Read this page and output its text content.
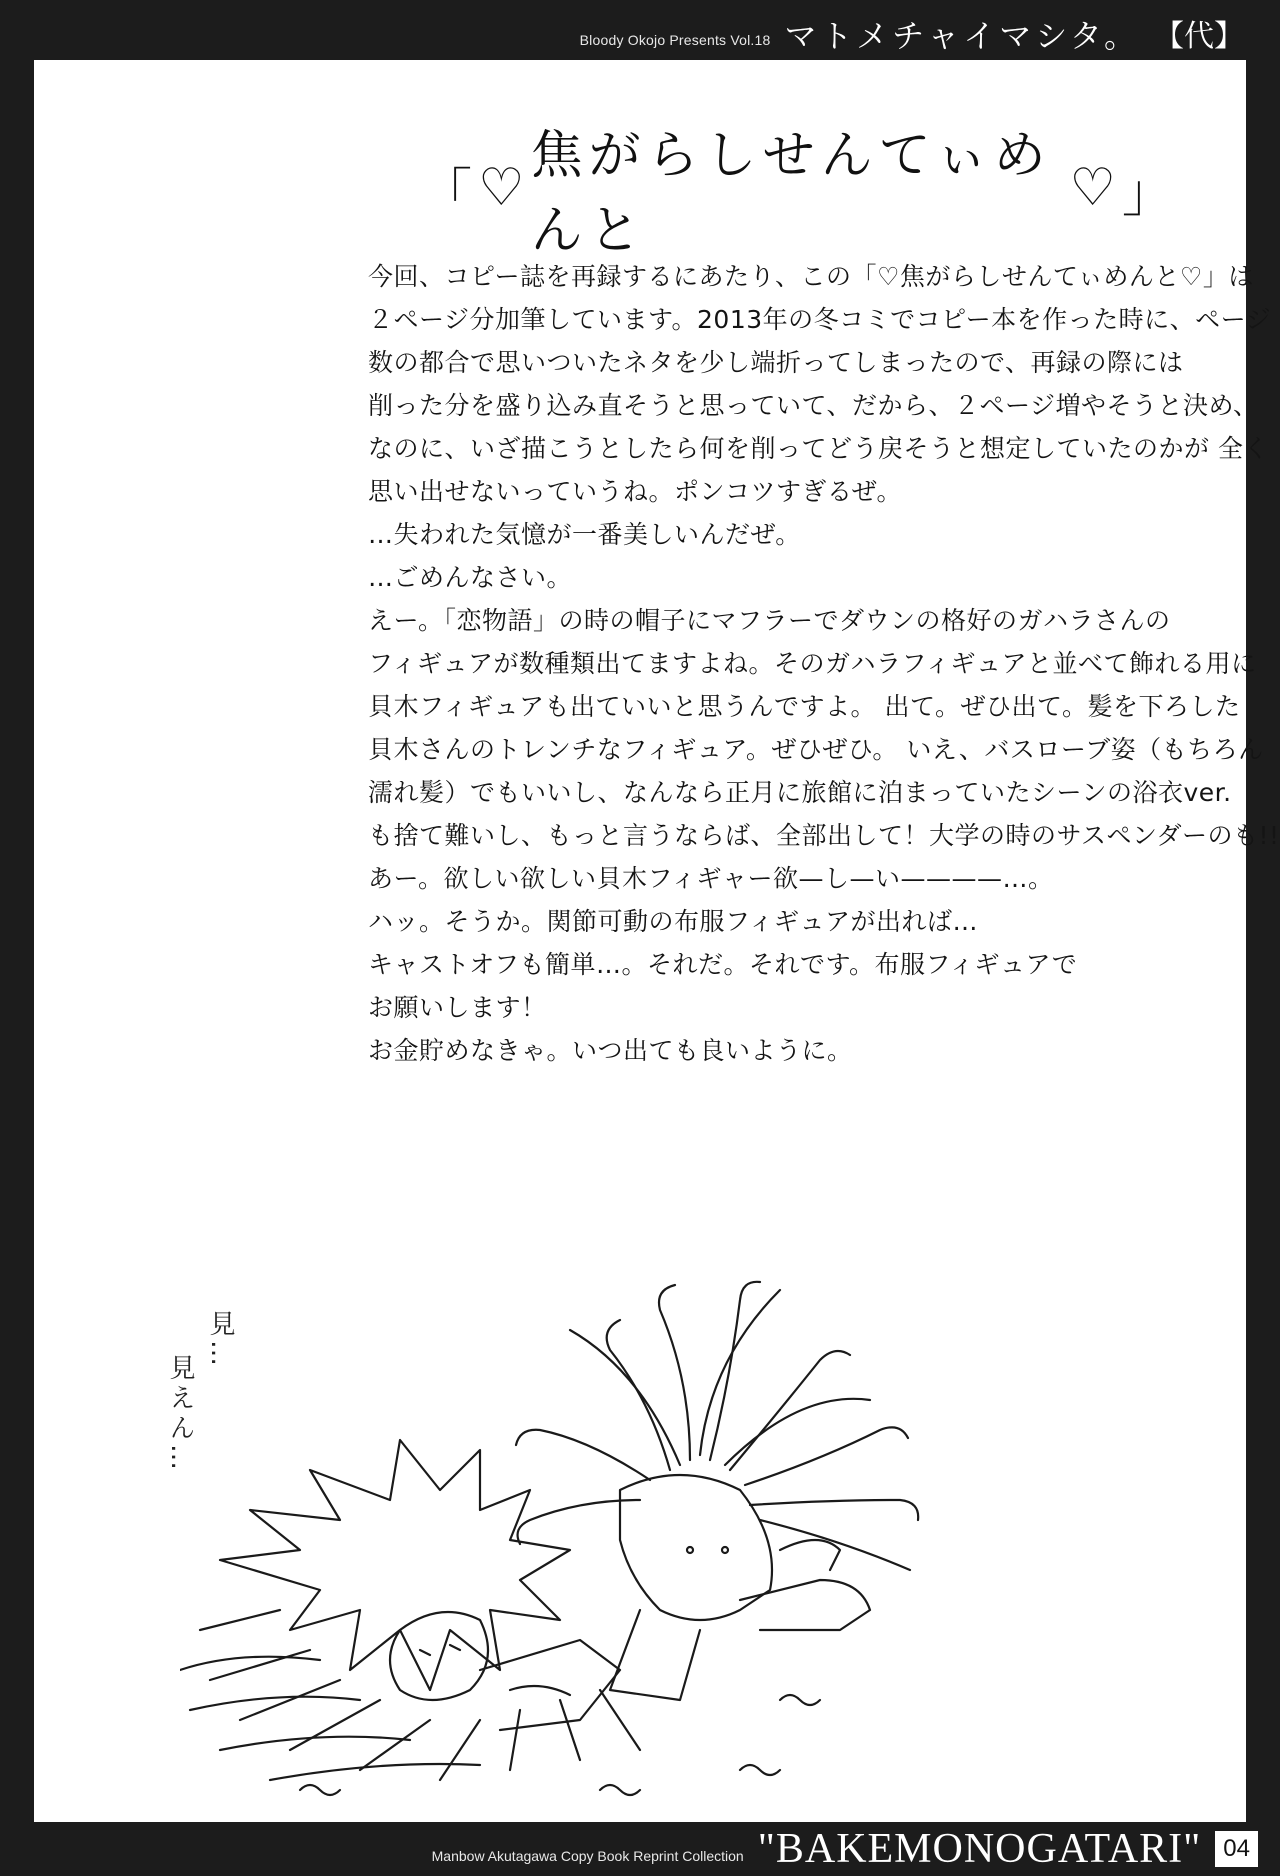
Bloody Okojo Presents Vol.18 マトメチャイマシタ。 【代】
「 ♡
焦がらしせんてぃめんと
♡ 」
今回、コピー誌を再録するにあたり、この「♡焦がらしせんてぃめんと♡」は
２ページ分加筆しています。2013年の冬コミでコピー本を作った時に、ページ
数の都合で思いついたネタを少し端折ってしまったので、再録の際には
削った分を盛り込み直そうと思っていて、だから、２ページ増やそうと決め、
なのに、いざ描こうとしたら何を削ってどう戻そうと想定していたのかが 全く
思い出せないっていうね。ポンコツすぎるぜ。
…失われた気憶が一番美しいんだぜ。
…ごめんなさい。
えー。「恋物語」の時の帽子にマフラーでダウンの格好のガハラさんの
フィギュアが数種類出てますよね。そのガハラフィギュアと並べて飾れる用に
貝木フィギュアも出ていいと思うんですよ。 出て。ぜひ出て。髪を下ろした
貝木さんのトレンチなフィギュア。ぜひぜひ。 いえ、バスローブ姿（もちろん
濡れ髪）でもいいし、なんなら正月に旅館に泊まっていたシーンの浴衣ver.
も捨て難いし、もっと言うならば、全部出して！大学の時のサスペンダーのも!!
あー。欲しい欲しい貝木フィギャー欲—し—い————…。
ハッ。そうか。関節可動の布服フィギュアが出れば…
キャストオフも簡単…。それだ。それです。布服フィギュアで
お願いします！
お金貯めなきゃ。いつ出ても良いように。
見…
見えん…
Manbow Akutagawa Copy Book Reprint Collection "BAKEMONOGATARI" 04
